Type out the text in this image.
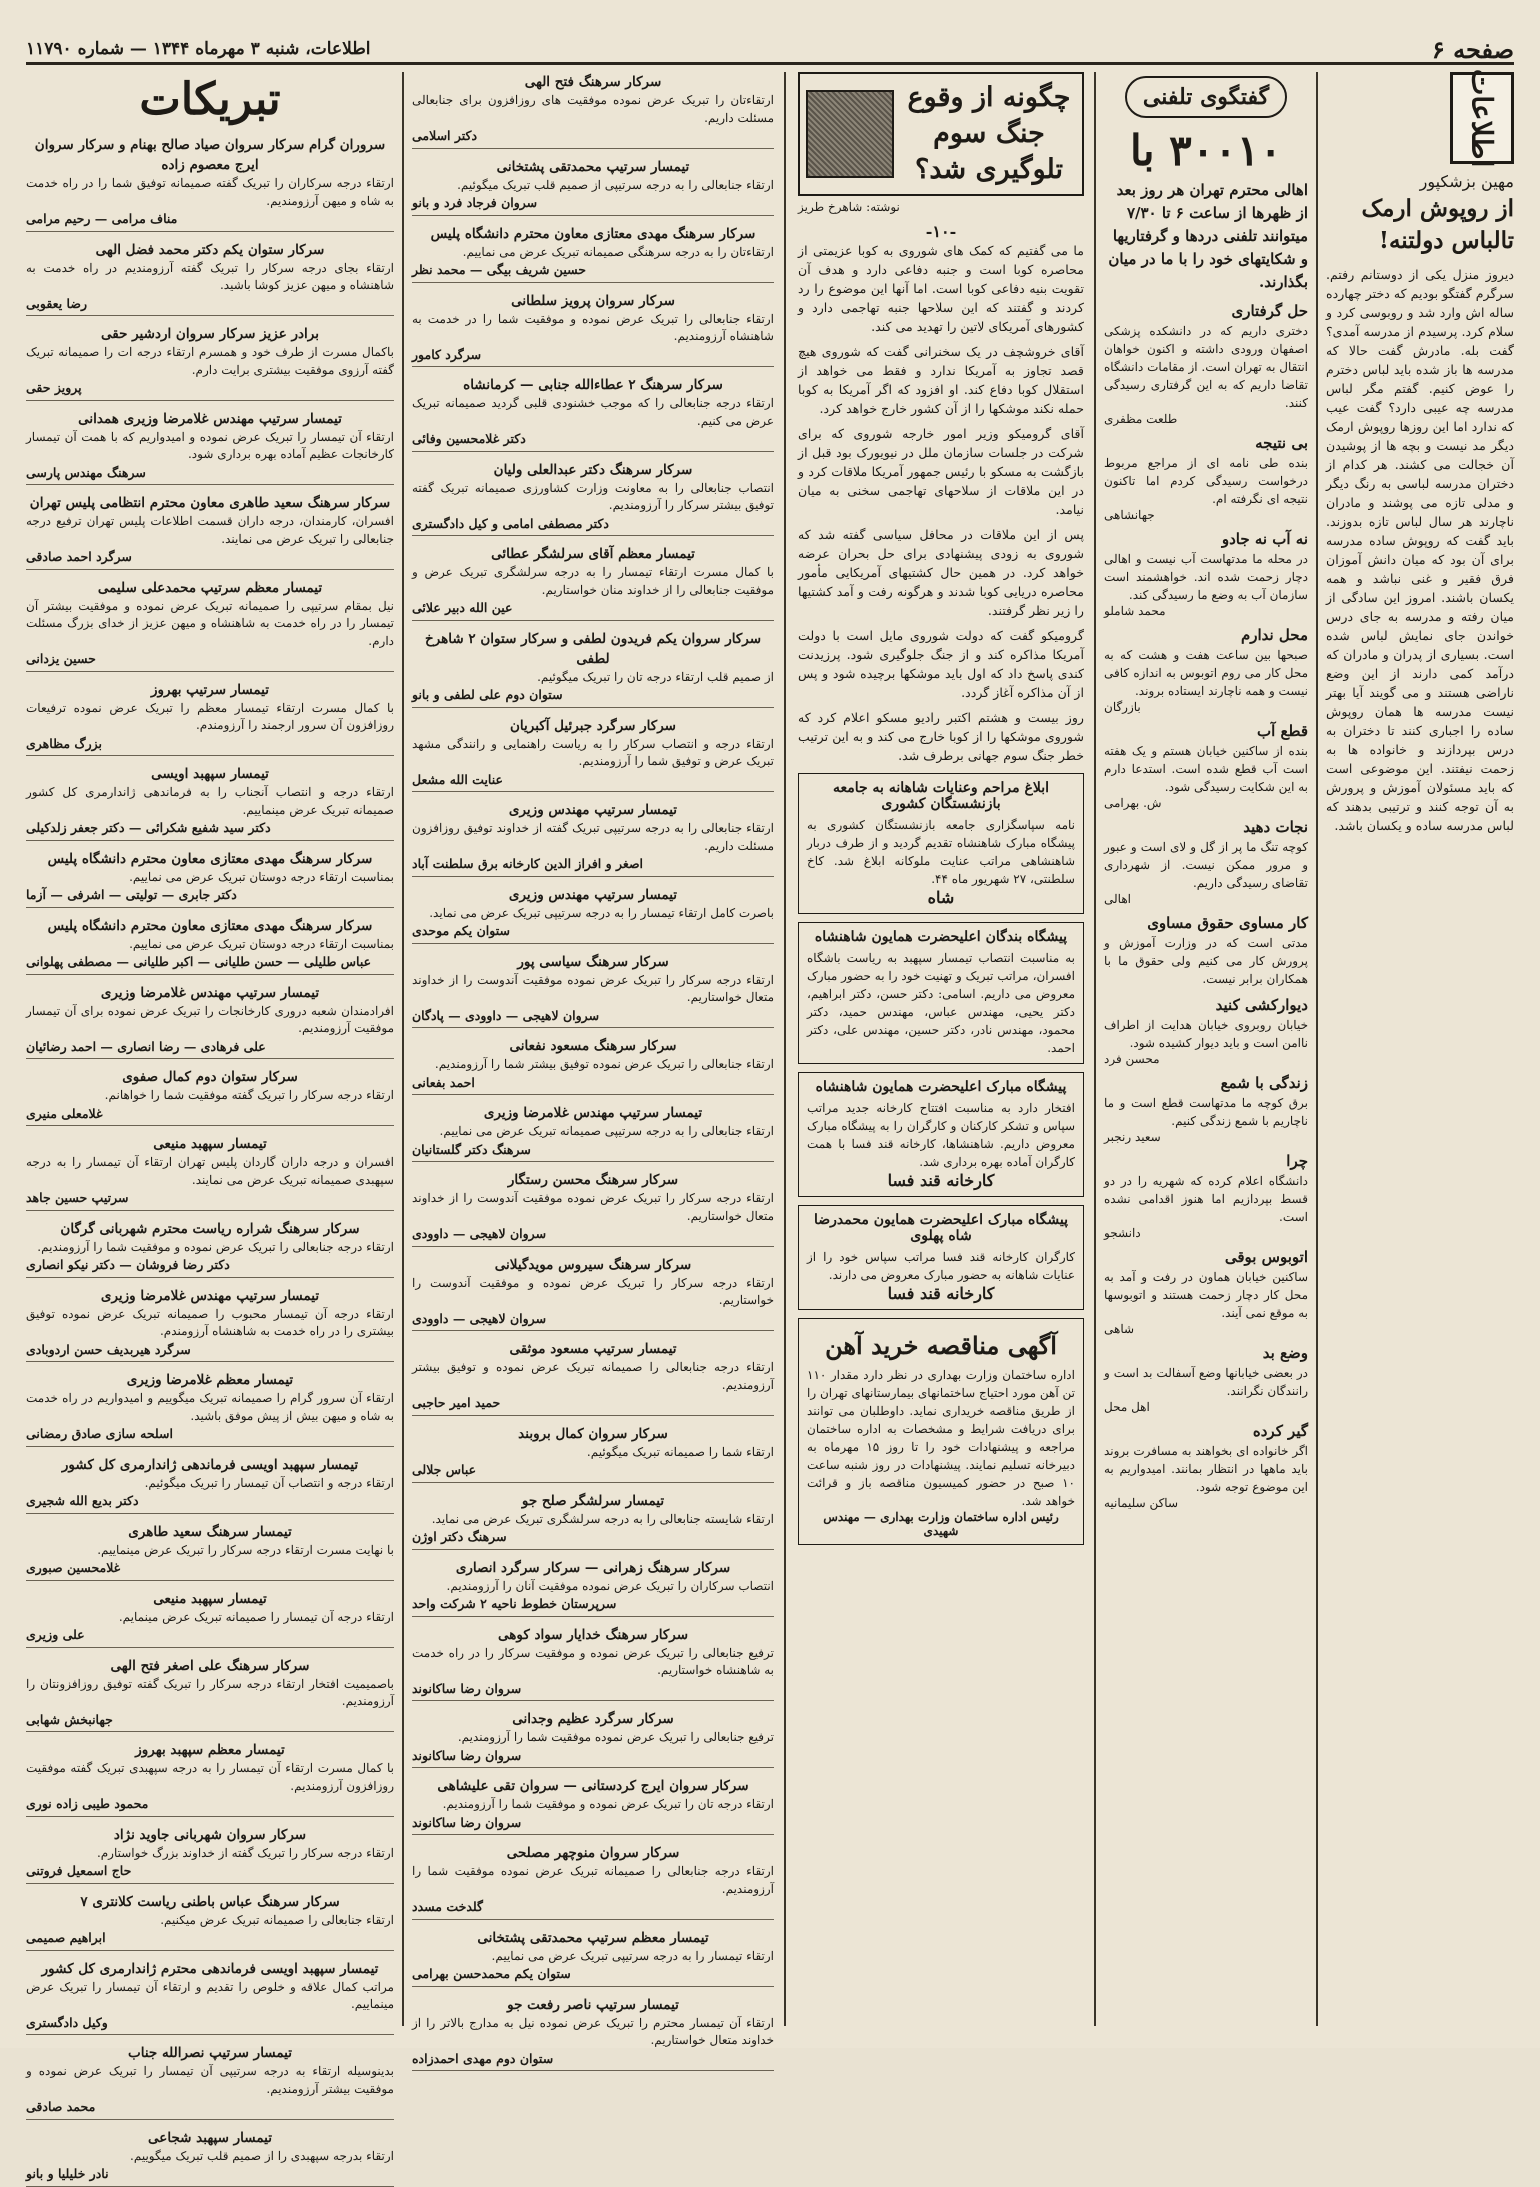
صفحه ۶
اطلاعات، شنبه ۳ مهرماه ۱۳۴۴ — شماره ۱۱۷۹۰
اطلاعات
مهین بزشکپور
از روپوش ارمک تالباس دولتنه!

دیروز منزل یکی از دوستانم رفتم. سرگرم گفتگو بودیم که دختر چهارده ساله اش وارد شد و روبوسی کرد و سلام کرد. پرسیدم از مدرسه آمدی؟ گفت بله. مادرش گفت حالا که مدرسه ها باز شده باید لباس دخترم را عوض کنیم. گفتم مگر لباس مدرسه چه عیبی دارد؟ گفت عیب که ندارد اما این روزها روپوش ارمک دیگر مد نیست و بچه ها از پوشیدن آن خجالت می کشند. هر کدام از دختران مدرسه لباسی به رنگ دیگر و مدلی تازه می پوشند و مادران ناچارند هر سال لباس تازه بدوزند. باید گفت که روپوش ساده مدرسه برای آن بود که میان دانش آموزان فرق فقیر و غنی نباشد و همه یکسان باشند. امروز این سادگی از میان رفته و مدرسه به جای درس خواندن جای نمایش لباس شده است. بسیاری از پدران و مادران که درآمد کمی دارند از این وضع ناراضی هستند و می گویند آیا بهتر نیست مدرسه ها همان روپوش ساده را اجباری کنند تا دختران به درس بپردازند و خانواده ها به زحمت نیفتند. این موضوعی است که باید مسئولان آموزش و پرورش به آن توجه کنند و ترتیبی بدهند که لباس مدرسه ساده و یکسان باشد.

گفتگوی تلفنی
۳۰۰۱۰ با

اهالی محترم تهران هر روز بعد از ظهرها از ساعت ۶ تا ۷/۳۰ میتوانند تلفنی دردها و گرفتاریها و شکایتهای خود را با ما در میان بگذارند.

حل گرفتاری

دختری داریم که در دانشکده پزشکی اصفهان ورودی داشته و اکنون خواهان انتقال به تهران است. از مقامات دانشگاه تقاضا داریم که به این گرفتاری رسیدگی کنند.

طلعت مظفری
بی نتیجه

بنده طی نامه ای از مراجع مربوط درخواست رسیدگی کردم اما تاکنون نتیجه ای نگرفته ام.

جهانشاهی
نه آب نه جادو

در محله ما مدتهاست آب نیست و اهالی دچار زحمت شده اند. خواهشمند است سازمان آب به وضع ما رسیدگی کند.

محمد شاملو
محل ندارم

صبحها بین ساعت هفت و هشت که به محل کار می روم اتوبوس به اندازه کافی نیست و همه ناچارند ایستاده بروند.

بازرگان
قطع آب

بنده از ساکنین خیابان هستم و یک هفته است آب قطع شده است. استدعا دارم به این شکایت رسیدگی شود.

ش. بهرامی
نجات دهید

کوچه تنگ ما پر از گل و لای است و عبور و مرور ممکن نیست. از شهرداری تقاضای رسیدگی داریم.

اهالی
کار مساوی حقوق مساوی

مدتی است که در وزارت آموزش و پرورش کار می کنیم ولی حقوق ما با همکاران برابر نیست.

دیوارکشی کنید

خیابان روبروی خیابان هدایت از اطراف ناامن است و باید دیوار کشیده شود.

محسن فرد
زندگی با شمع

برق کوچه ما مدتهاست قطع است و ما ناچاریم با شمع زندگی کنیم.

سعید رنجبر
چرا

دانشگاه اعلام کرده که شهریه را در دو قسط بپردازیم اما هنوز اقدامی نشده است.

دانشجو
اتوبوس بوقی

ساکنین خیابان هماون در رفت و آمد به محل کار دچار زحمت هستند و اتوبوسها به موقع نمی آیند.

شاهی
وضع بد

در بعضی خیابانها وضع آسفالت بد است و رانندگان نگرانند.

اهل محل
گیر کرده

اگر خانواده ای بخواهند به مسافرت بروند باید ماهها در انتظار بمانند. امیدواریم به این موضوع توجه شود.

ساکن سلیمانیه
چگونه از وقوع جنگ سوم تلوگیری شد؟
نوشته: شاهرخ طریز
-۱۰-

ما می گفتیم که کمک های شوروی به کوبا عزیمتی از محاصره کوبا است و جنبه دفاعی دارد و هدف آن تقویت بنیه دفاعی کوبا است. اما آنها این موضوع را رد کردند و گفتند که این سلاحها جنبه تهاجمی دارد و کشورهای آمریکای لاتین را تهدید می کند.

آقای خروشچف در یک سخنرانی گفت که شوروی هیچ قصد تجاوز به آمریکا ندارد و فقط می خواهد از استقلال کوبا دفاع کند. او افزود که اگر آمریکا به کوبا حمله نکند موشکها را از آن کشور خارج خواهد کرد.

آقای گرومیکو وزیر امور خارجه شوروی که برای شرکت در جلسات سازمان ملل در نیویورک بود قبل از بازگشت به مسکو با رئیس جمهور آمریکا ملاقات کرد و در این ملاقات از سلاحهای تهاجمی سخنی به میان نیامد.

پس از این ملاقات در محافل سیاسی گفته شد که شوروی به زودی پیشنهادی برای حل بحران عرضه خواهد کرد. در همین حال کشتیهای آمریکایی مأمور محاصره دریایی کوبا شدند و هرگونه رفت و آمد کشتیها را زیر نظر گرفتند.

گرومیکو گفت که دولت شوروی مایل است با دولت آمریکا مذاکره کند و از جنگ جلوگیری شود. پرزیدنت کندی پاسخ داد که اول باید موشکها برچیده شود و پس از آن مذاکره آغاز گردد.

روز بیست و هشتم اکتبر رادیو مسکو اعلام کرد که شوروی موشکها را از کوبا خارج می کند و به این ترتیب خطر جنگ سوم جهانی برطرف شد.

ابلاغ مراحم وعنایات شاهانه به جامعه بازنشستگان کشوری

نامه سپاسگزاری جامعه بازنشستگان کشوری به پیشگاه مبارک شاهنشاه تقدیم گردید و از طرف دربار شاهنشاهی مراتب عنایت ملوکانه ابلاغ شد. کاخ سلطنتی، ۲۷ شهریور ماه ۴۴.

شاه
پیشگاه بندگان اعلیحضرت همایون شاهنشاه

به مناسبت انتصاب تیمسار سپهبد به ریاست باشگاه افسران، مراتب تبریک و تهنیت خود را به حضور مبارک معروض می داریم. اسامی: دکتر حسن، دکتر ابراهیم، دکتر یحیی، مهندس عباس، مهندس حمید، دکتر محمود، مهندس نادر، دکتر حسین، مهندس علی، دکتر احمد.

پیشگاه مبارک اعلیحضرت همایون شاهنشاه

افتخار دارد به مناسبت افتتاح کارخانه جدید مراتب سپاس و تشکر کارکنان و کارگران را به پیشگاه مبارک معروض داریم. شاهنشاها، کارخانه قند فسا با همت کارگران آماده بهره برداری شد.

کارخانه قند فسا
پیشگاه مبارک اعلیحضرت همایون محمدرضا شاه پهلوی

کارگران کارخانه قند فسا مراتب سپاس خود را از عنایات شاهانه به حضور مبارک معروض می دارند.

کارخانه قند فسا
آگهی مناقصه خرید آهن

اداره ساختمان وزارت بهداری در نظر دارد مقدار ۱۱۰ تن آهن مورد احتیاج ساختمانهای بیمارستانهای تهران را از طریق مناقصه خریداری نماید. داوطلبان می توانند برای دریافت شرایط و مشخصات به اداره ساختمان مراجعه و پیشنهادات خود را تا روز ۱۵ مهرماه به دبیرخانه تسلیم نمایند. پیشنهادات در روز شنبه ساعت ۱۰ صبح در حضور کمیسیون مناقصه باز و قرائت خواهد شد.

رئیس اداره ساختمان وزارت بهداری — مهندس شهیدی
سرکار سرهنگ فتح الهی

ارتقاءتان را تبریک عرض نموده موفقیت های روزافزون برای جنابعالی مسئلت داریم.

دکتر اسلامی

تیمسار سرتیپ محمدتقی پشتخانی

ارتقاء جنابعالی را به درجه سرتیپی از صمیم قلب تبریک میگوئیم.

سروان فرجاد فرد و بانو

سرکار سرهنگ مهدی معتازی معاون محترم دانشگاه پلیس

ارتقاءتان را به درجه سرهنگی صمیمانه تبریک عرض می نماییم.

حسین شریف بیگی — محمد نظر

سرکار سروان پرویز سلطانی

ارتقاء جنابعالی را تبریک عرض نموده و موفقیت شما را در خدمت به شاهنشاه آرزومندیم.

سرگرد کامور

سرکار سرهنگ ۲ عطاءالله جنابی — کرمانشاه

ارتقاء درجه جنابعالی را که موجب خشنودی قلبی گردید صمیمانه تبریک عرض می کنیم.

دکتر غلامحسین وفائی

سرکار سرهنگ دکتر عبدالعلی ولیان

انتصاب جنابعالی را به معاونت وزارت کشاورزی صمیمانه تبریک گفته توفیق بیشتر سرکار را آرزومندیم.

دکتر مصطفی امامی و کیل دادگستری

تیمسار معظم آقای سرلشگر عطائی

با کمال مسرت ارتقاء تیمسار را به درجه سرلشگری تبریک عرض و موفقیت جنابعالی را از خداوند منان خواستاریم.

عین الله دبیر علائی

سرکار سروان یکم فریدون لطفی و سرکار ستوان ۲ شاهرخ لطفی

از صمیم قلب ارتقاء درجه تان را تبریک میگوئیم.

ستوان دوم علی لطفی و بانو

سرکار سرگرد جبرئیل آکبریان

ارتقاء درجه و انتصاب سرکار را به ریاست راهنمایی و رانندگی مشهد تبریک عرض و توفیق شما را آرزومندیم.

عنایت الله مشعل

تیمسار سرتیپ مهندس وزیری

ارتقاء جنابعالی را به درجه سرتیپی تبریک گفته از خداوند توفیق روزافزون مسئلت داریم.

اصغر و افراز الدین کارخانه برق سلطنت آباد

تیمسار سرتیپ مهندس وزیری

باصرت کامل ارتقاء تیمسار را به درجه سرتیپی تبریک عرض می نماید.

ستوان یکم موحدی

سرکار سرهنگ سیاسی پور

ارتقاء درجه سرکار را تبریک عرض نموده موفقیت آندوست را از خداوند متعال خواستاریم.

سروان لاهیجی — داوودی — پادگان

سرکار سرهنگ مسعود نفعانی

ارتقاء جنابعالی را تبریک عرض نموده توفیق بیشتر شما را آرزومندیم.

احمد بفعانی

تیمسار سرتیپ مهندس غلامرضا وزیری

ارتقاء جنابعالی را به درجه سرتیپی صمیمانه تبریک عرض می نماییم.

سرهنگ دکتر گلستانیان

سرکار سرهنگ محسن رستگار

ارتقاء درجه سرکار را تبریک عرض نموده موفقیت آندوست را از خداوند متعال خواستاریم.

سروان لاهیجی — داوودی

سرکار سرهنگ سیروس مویدگیلانی

ارتقاء درجه سرکار را تبریک عرض نموده و موفقیت آندوست را خواستاریم.

سروان لاهیجی — داوودی

تیمسار سرتیپ مسعود موثقی

ارتقاء درجه جنابعالی را صمیمانه تبریک عرض نموده و توفیق بیشتر آرزومندیم.

حمید امیر حاجبی

سرکار سروان کمال بروبند

ارتقاء شما را صمیمانه تبریک میگوئیم.

عباس جلالی

تیمسار سرلشگر صلح جو

ارتقاء شایسته جنابعالی را به درجه سرلشگری تبریک عرض می نماید.

سرهنگ دکتر اوژن

سرکار سرهنگ زهرانی — سرکار سرگرد انصاری

انتصاب سرکاران را تبریک عرض نموده موفقیت آنان را آرزومندیم.

سرپرستان خطوط ناحیه ۲ شرکت واحد

سرکار سرهنگ خدایار سواد کوهی

ترفیع جنابعالی را تبریک عرض نموده و موفقیت سرکار را در راه خدمت به شاهنشاه خواستاریم.

سروان رضا ساکانوند

سرکار سرگرد عظیم وجدانی

ترفیع جنابعالی را تبریک عرض نموده موفقیت شما را آرزومندیم.

سروان رضا ساکانوند

سرکار سروان ایرج کردستانی — سروان تقی علیشاهی

ارتقاء درجه تان را تبریک عرض نموده و موفقیت شما را آرزومندیم.

سروان رضا ساکانوند

سرکار سروان منوچهر مصلحی

ارتقاء درجه جنابعالی را صمیمانه تبریک عرض نموده موفقیت شما را آرزومندیم.

گلدخت مسدد

تیمسار معظم سرتیپ محمدتقی پشتخانی

ارتقاء تیمسار را به درجه سرتیپی تبریک عرض می نماییم.

ستوان یکم محمدحسن بهرامی

تیمسار سرتیپ ناصر رفعت جو

ارتقاء آن تیمسار محترم را تبریک عرض نموده نیل به مدارج بالاتر را از خداوند متعال خواستاریم.

ستوان دوم مهدی احمدزاده

تبریکات
سروران گرام سرکار سروان صیاد صالح بهنام و سرکار سروان ایرج معصوم زاده

ارتقاء درجه سرکاران را تبریک گفته صمیمانه توفیق شما را در راه خدمت به شاه و میهن آرزومندیم.

مناف مرامی — رحیم مرامی

سرکار ستوان یکم دکتر محمد فضل الهی

ارتقاء بجای درجه سرکار را تبریک گفته آرزومندیم در راه خدمت به شاهنشاه و میهن عزیز کوشا باشید.

رضا یعقوبی

برادر عزیز سرکار سروان اردشیر حقی

باکمال مسرت از طرف خود و همسرم ارتقاء درجه ات را صمیمانه تبریک گفته آرزوی موفقیت بیشتری برایت دارم.

پرویز حقی

تیمسار سرتیپ مهندس غلامرضا وزیری همدانی

ارتقاء آن تیمسار را تبریک عرض نموده و امیدواریم که با همت آن تیمسار کارخانجات عظیم آماده بهره برداری شود.

سرهنگ مهندس پارسی

سرکار سرهنگ سعید طاهری معاون محترم انتظامی پلیس تهران

افسران، کارمندان، درجه داران قسمت اطلاعات پلیس تهران ترفیع درجه جنابعالی را تبریک عرض می نمایند.

سرگرد احمد صادقی

تیمسار معظم سرتیپ محمدعلی سلیمی

نیل بمقام سرتیپی را صمیمانه تبریک عرض نموده و موفقیت بیشتر آن تیمسار را در راه خدمت به شاهنشاه و میهن عزیز از خدای بزرگ مسئلت دارم.

حسین یزدانی

تیمسار سرتیپ بهروز

با کمال مسرت ارتقاء تیمسار معظم را تبریک عرض نموده ترفیعات روزافزون آن سرور ارجمند را آرزومندم.

بزرگ مظاهری

تیمسار سپهبد اویسی

ارتقاء درجه و انتصاب آنجناب را به فرماندهی ژاندارمری کل کشور صمیمانه تبریک عرض مینماییم.

دکتر سید شفیع شکرائی — دکتر جعفر زلدکیلی

سرکار سرهنگ مهدی معتازی معاون محترم دانشگاه پلیس

بمناسبت ارتقاء درجه دوستان تبریک عرض می نماییم.

دکتر جابری — تولیتی — اشرفی — آزما

سرکار سرهنگ مهدی معتازی معاون محترم دانشگاه پلیس

بمناسبت ارتقاء درجه دوستان تبریک عرض می نماییم.

عباس طلیلی — حسن طلیانی — اکبر طلیانی — مصطفی پهلوانی

تیمسار سرتیپ مهندس غلامرضا وزیری

افرادمندان شعبه دروری کارخانجات را تبریک عرض نموده برای آن تیمسار موفقیت آرزومندیم.

علی فرهادی — رضا انصاری — احمد رضائیان

سرکار ستوان دوم کمال صفوی

ارتقاء درجه سرکار را تبریک گفته موفقیت شما را خواهانم.

غلامعلی منیری

تیمسار سپهبد منیعی

افسران و درجه داران گاردان پلیس تهران ارتقاء آن تیمسار را به درجه سپهبدی صمیمانه تبریک عرض می نمایند.

سرتیپ حسین جاهد

سرکار سرهنگ شراره ریاست محترم شهربانی گرگان

ارتقاء درجه جنابعالی را تبریک عرض نموده و موفقیت شما را آرزومندیم.

دکتر رضا فروشان — دکتر نیکو انصاری

تیمسار سرتیپ مهندس غلامرضا وزیری

ارتقاء درجه آن تیمسار محبوب را صمیمانه تبریک عرض نموده توفیق بیشتری را در راه خدمت به شاهنشاه آرزومندم.

سرگرد هیربدیف حسن اردوبادی

تیمسار معظم غلامرضا وزیری

ارتقاء آن سرور گرام را صمیمانه تبریک میگوییم و امیدواریم در راه خدمت به شاه و میهن بیش از پیش موفق باشید.

اسلحه سازی صادق رمضانی

تیمسار سپهبد اویسی فرماندهی ژاندارمری کل کشور

ارتقاء درجه و انتصاب آن تیمسار را تبریک میگوئیم.

دکتر بدیع الله شجیری

تیمسار سرهنگ سعید طاهری

با نهایت مسرت ارتقاء درجه سرکار را تبریک عرض مینماییم.

غلامحسین صبوری

تیمسار سپهبد منیعی

ارتقاء درجه آن تیمسار را صمیمانه تبریک عرض مینمایم.

علی وزیری

سرکار سرهنگ علی اصغر فتح الهی

باصمیمیت افتخار ارتقاء درجه سرکار را تبریک گفته توفیق روزافزونتان را آرزومندیم.

جهانبخش شهابی

تیمسار معظم سپهبد بهروز

با کمال مسرت ارتقاء آن تیمسار را به درجه سپهبدی تبریک گفته موفقیت روزافزون آرزومندیم.

محمود طیبی زاده نوری

سرکار سروان شهربانی جاوید نژاد

ارتقاء درجه سرکار را تبریک گفته از خداوند بزرگ خواستارم.

حاج اسمعیل فروتنی

سرکار سرهنگ عباس باطنی ریاست کلانتری ۷

ارتقاء جنابعالی را صمیمانه تبریک عرض میکنیم.

ابراهیم صمیمی

تیمسار سپهبد اویسی فرماندهی محترم ژاندارمری کل کشور

مراتب کمال علاقه و خلوص را تقدیم و ارتقاء آن تیمسار را تبریک عرض مینماییم.

وکیل دادگستری

تیمسار سرتیپ نصرالله جناب

بدینوسیله ارتقاء به درجه سرتیپی آن تیمسار را تبریک عرض نموده و موفقیت بیشتر آرزومندیم.

محمد صادقی

تیمسار سپهبد شجاعی

ارتقاء بدرجه سپهبدی را از صمیم قلب تبریک میگوییم.

نادر خلیلیا و بانو
